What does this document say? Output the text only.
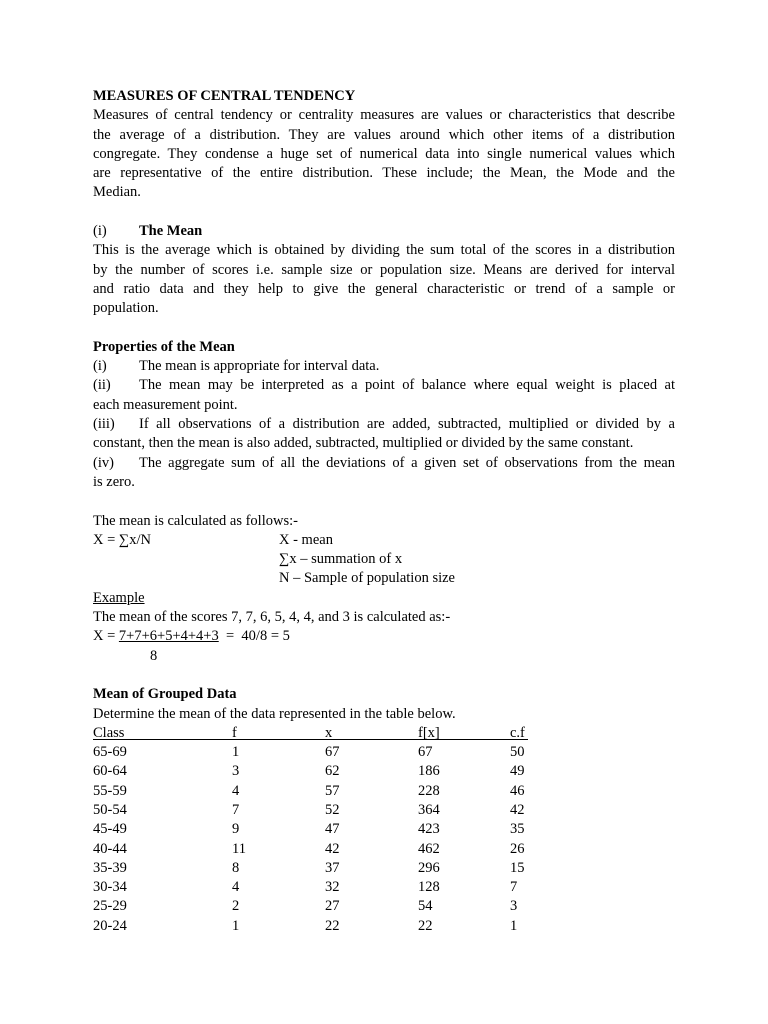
MEASURES OF CENTRAL TENDENCY
Measures of central tendency or centrality measures are values or characteristics that describe
the average of a distribution. They are values around which other items of a distribution
congregate. They condense a huge set of numerical data into single numerical values which
are representative of the entire distribution. These include; the Mean, the Mode and the
Median.
(i) The Mean
This is the average which is obtained by dividing the sum total of the scores in a distribution
by the number of scores i.e. sample size or population size. Means are derived for interval
and ratio data and they help to give the general characteristic or trend of a sample or
population.
Properties of the Mean
(i) The mean is appropriate for interval data.
(ii) The mean may be interpreted as a point of balance where equal weight is placed at
each measurement point.
(iii) If all observations of a distribution are added, subtracted, multiplied or divided by a
constant, then the mean is also added, subtracted, multiplied or divided by the same constant.
(iv) The aggregate sum of all the deviations of a given set of observations from the mean
is zero.
The mean is calculated as follows:-
X = ∑x/N	X - mean
∑x – summation of x
N – Sample of population size
Example
The mean of the scores 7, 7, 6, 5, 4, 4, and 3 is calculated as:-
X = 7+7+6+5+4+4+3  =  40/8 = 5
8
Mean of Grouped Data
Determine the mean of the data represented in the table below.
Class	f	x	f[x]	c.f
65-69	1	67	67	50
60-64	3	62	186	49
55-59	4	57	228	46
50-54	7	52	364	42
45-49	9	47	423	35
40-44	11	42	462	26
35-39	8	37	296	15
30-34	4	32	128	7
25-29	2	27	54	3
20-24	1	22	22	1
